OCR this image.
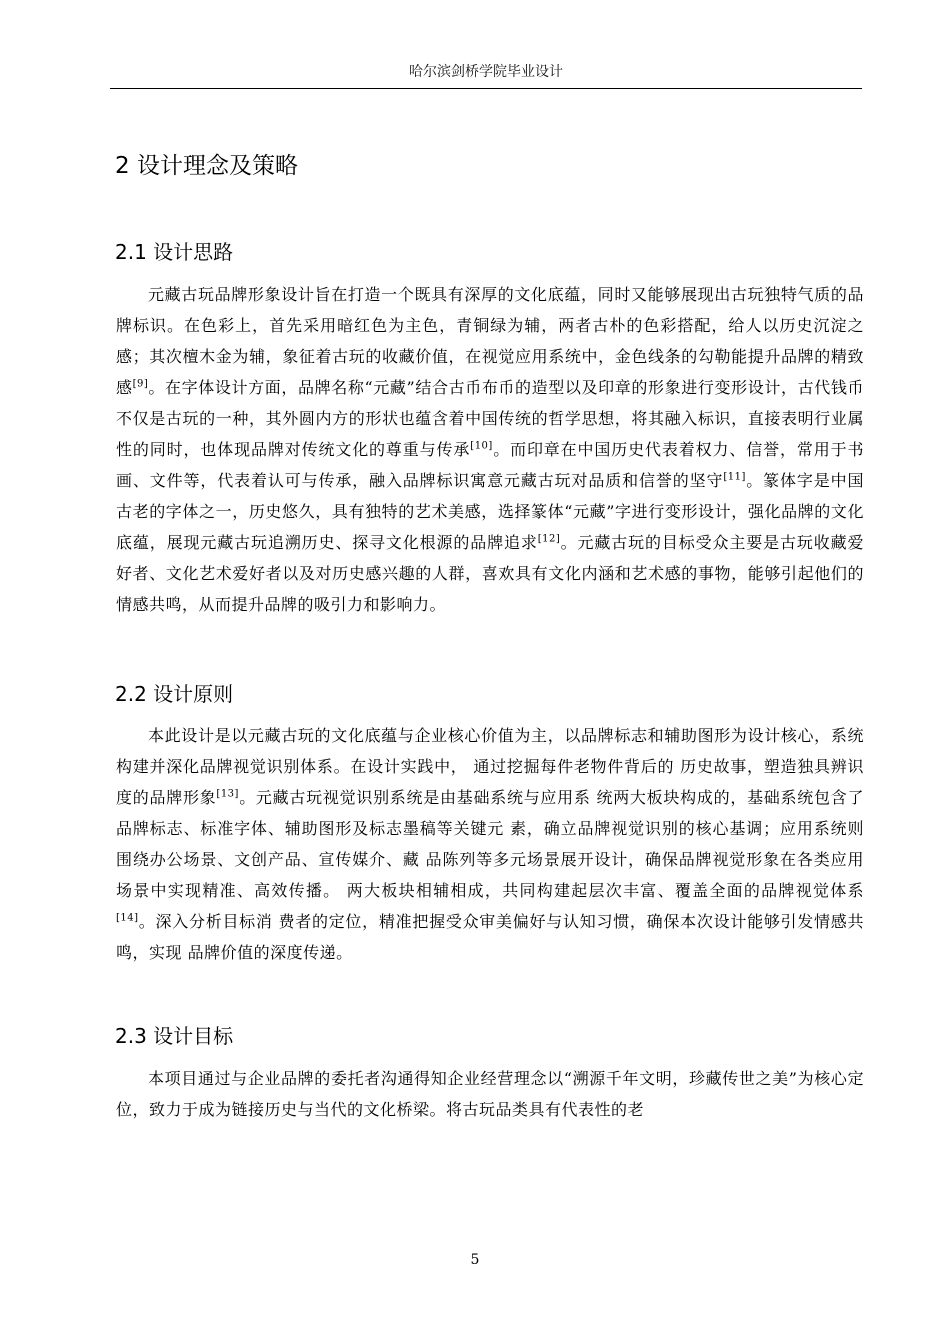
哈尔滨剑桥学院毕业设计
2 设计理念及策略
2.1 设计思路

元藏古玩品牌形象设计旨在打造一个既具有深厚的文化底蕴，同时又能够展现出古玩独特气质的品牌标识。在色彩上，首先采用暗红色为主色，青铜绿为辅，两者古朴的色彩搭配，给人以历史沉淀之感；其次檀木金为辅，象征着古玩的收藏价值，在视觉应用系统中，金色线条的勾勒能提升品牌的精致感[9]。在字体设计方面，品牌名称“元藏”结合古币布币的造型以及印章的形象进行变形设计，古代钱币不仅是古玩的一种，其外圆内方的形状也蕴含着中国传统的哲学思想，将其融入标识，直接表明行业属性的同时，也体现品牌对传统文化的尊重与传承[10]。而印章在中国历史代表着权力、信誉，常用于书画、文件等，代表着认可与传承，融入品牌标识寓意元藏古玩对品质和信誉的坚守[11]。篆体字是中国古老的字体之一，历史悠久，具有独特的艺术美感，选择篆体“元藏”字进行变形设计，强化品牌的文化底蕴，展现元藏古玩追溯历史、探寻文化根源的品牌追求[12]。元藏古玩的目标受众主要是古玩收藏爱好者、文化艺术爱好者以及对历史感兴趣的人群，喜欢具有文化内涵和艺术感的事物，能够引起他们的情感共鸣，从而提升品牌的吸引力和影响力。

2.2 设计原则

本此设计是以元藏古玩的文化底蕴与企业核心价值为主，以品牌标志和辅助图形为设计核心，系统构建并深化品牌视觉识别体系。在设计实践中， 通过挖掘每件老物件背后的 历史故事，塑造独具辨识度的品牌形象[13]。元藏古玩视觉识别系统是由基础系统与应用系 统两大板块构成的，基础系统包含了品牌标志、标准字体、辅助图形及标志墨稿等关键元 素，确立品牌视觉识别的核心基调；应用系统则围绕办公场景、文创产品、宣传媒介、藏 品陈列等多元场景展开设计，确保品牌视觉形象在各类应用场景中实现精准、高效传播。 两大板块相辅相成，共同构建起层次丰富、覆盖全面的品牌视觉体系[14]。深入分析目标消 费者的定位，精准把握受众审美偏好与认知习惯，确保本次设计能够引发情感共鸣，实现 品牌价值的深度传递。

2.3 设计目标

本项目通过与企业品牌的委托者沟通得知企业经营理念以“溯源千年文明，珍藏传世之美”为核心定位，致力于成为链接历史与当代的文化桥梁。将古玩品类具有代表性的老

5
